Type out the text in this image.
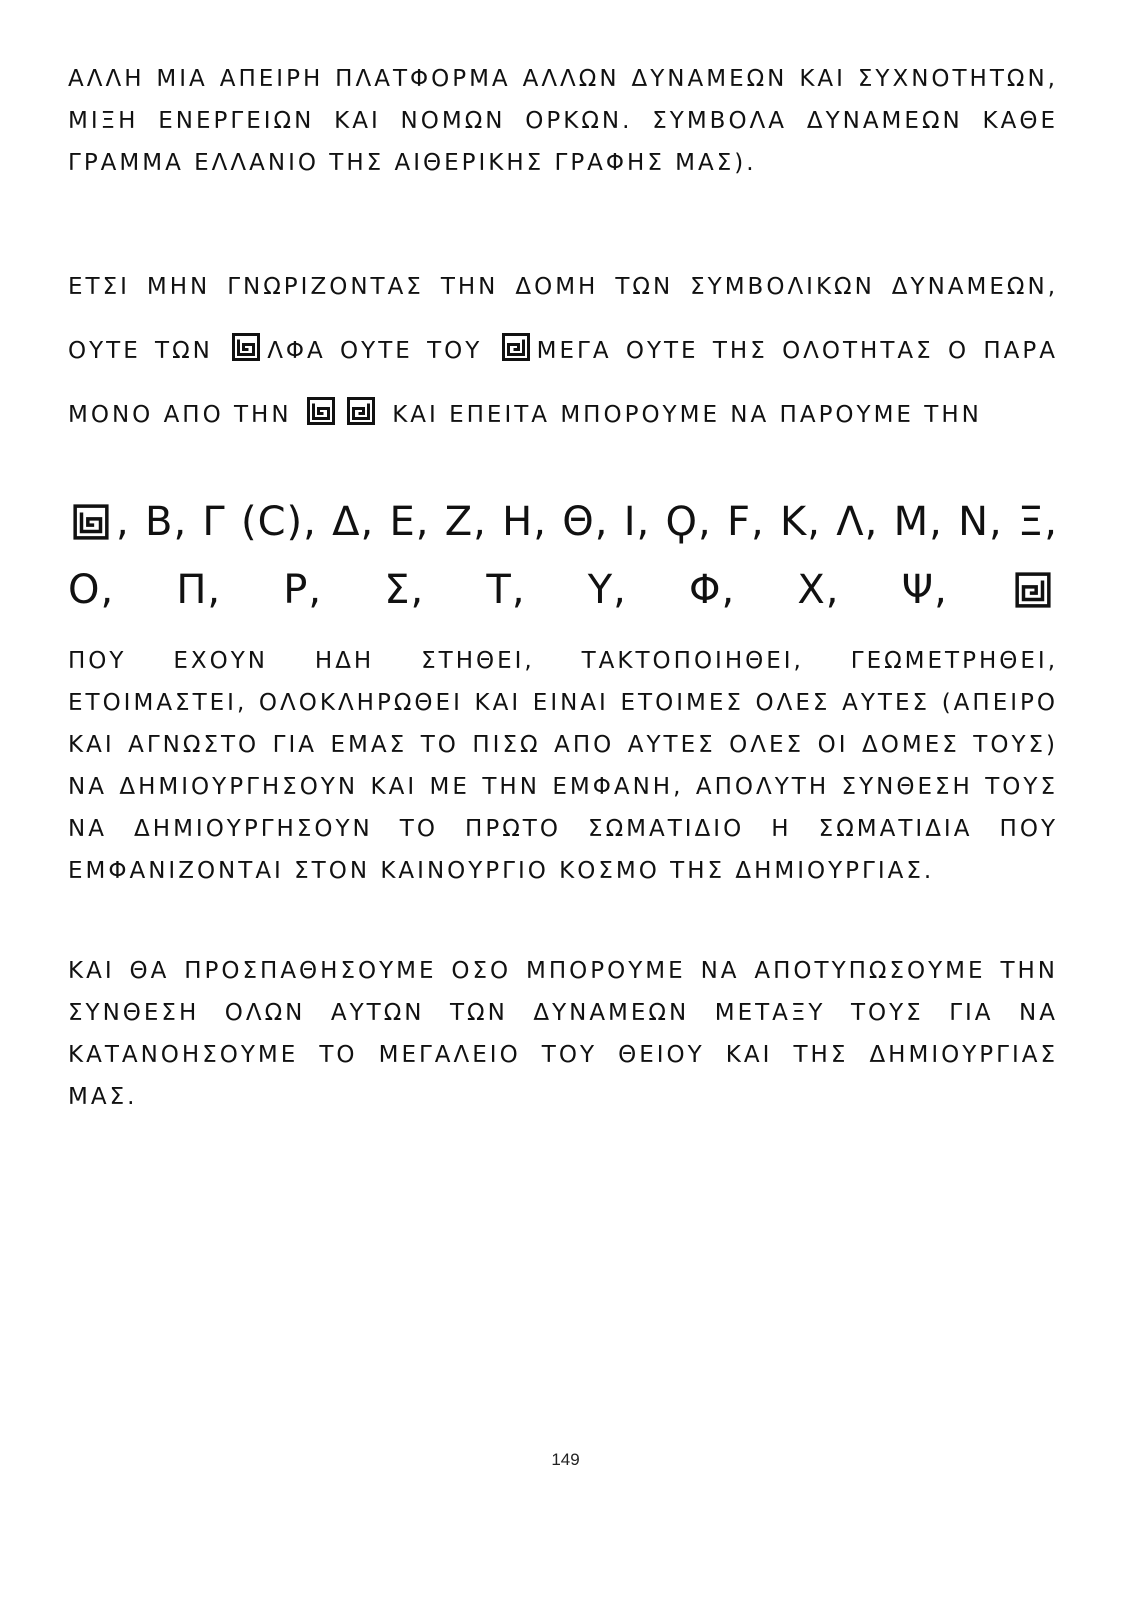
ΑΛΛΗ ΜΙΑ ΑΠΕΙΡΗ ΠΛΑΤΦΟΡΜΑ ΑΛΛΩΝ ΔΥΝΑΜΕΩΝ ΚΑΙ ΣΥΧΝΟΤΗΤΩΝ, ΜΙΞΗ ΕΝΕΡΓΕΙΩΝ ΚΑΙ ΝΟΜΩΝ ΟΡΚΩΝ. ΣΥΜΒΟΛΑ ΔΥΝΑΜΕΩΝ ΚΑΘΕ ΓΡΑΜΜΑ ΕΛΛΑΝΙΟ ΤΗΣ ΑΙΘΕΡΙΚΗΣ ΓΡΑΦΗΣ ΜΑΣ).

ΕΤΣΙ ΜΗΝ ΓΝΩΡΙΖΟΝΤΑΣ ΤΗΝ ΔΟΜΗ ΤΩΝ ΣΥΜΒΟΛΙΚΩΝ ΔΥΝΑΜΕΩΝ, ΟΥΤΕ ΤΩΝ ΛΦΑ ΟΥΤΕ ΤΟΥ ΜΕΓΑ ΟΥΤΕ ΤΗΣ ΟΛΟΤΗΤΑΣ Ο ΠΑΡΑ ΜΟΝΟ ΑΠΟ ΤΗΝ	ΚΑΙ ΕΠΕΙΤΑ ΜΠΟΡΟΥΜΕ ΝΑ ΠΑΡΟΥΜΕ ΤΗΝ

, Β, Γ (Ϲ), Δ, Ε, Ζ, Η, Θ, Ι, Ϙ, Ϝ, Κ, Λ, Μ, Ν, Ξ, Ο, Π, Ρ, Σ, Τ, Υ, Φ, Χ, Ψ,

ΠΟΥ ΕΧΟΥΝ ΗΔΗ ΣΤΗΘΕΙ, ΤΑΚΤΟΠΟΙΗΘΕΙ, ΓΕΩΜΕΤΡΗΘΕΙ, ΕΤΟΙΜΑΣΤΕΙ, ΟΛΟΚΛΗΡΩΘΕΙ ΚΑΙ ΕΙΝΑΙ ΕΤΟΙΜΕΣ ΟΛΕΣ ΑΥΤΕΣ (ΑΠΕΙΡΟ ΚΑΙ ΑΓΝΩΣΤΟ ΓΙΑ ΕΜΑΣ ΤΟ ΠΙΣΩ ΑΠΟ ΑΥΤΕΣ ΟΛΕΣ ΟΙ ΔΟΜΕΣ ΤΟΥΣ) ΝΑ ΔΗΜΙΟΥΡΓΗΣΟΥΝ ΚΑΙ ΜΕ ΤΗΝ ΕΜΦΑΝΗ, ΑΠΟΛΥΤΗ ΣΥΝΘΕΣΗ ΤΟΥΣ ΝΑ ΔΗΜΙΟΥΡΓΗΣΟΥΝ ΤΟ ΠΡΩΤΟ ΣΩΜΑΤΙΔΙΟ Η ΣΩΜΑΤΙΔΙΑ ΠΟΥ ΕΜΦΑΝΙΖΟΝΤΑΙ ΣΤΟΝ ΚΑΙΝΟΥΡΓΙΟ ΚΟΣΜΟ ΤΗΣ ΔΗΜΙΟΥΡΓΙΑΣ.

ΚΑΙ ΘΑ ΠΡΟΣΠΑΘΗΣΟΥΜΕ ΟΣΟ ΜΠΟΡΟΥΜΕ ΝΑ ΑΠΟΤΥΠΩΣΟΥΜΕ ΤΗΝ ΣΥΝΘΕΣΗ ΟΛΩΝ ΑΥΤΩΝ ΤΩΝ ΔΥΝΑΜΕΩΝ ΜΕΤΑΞΥ ΤΟΥΣ ΓΙΑ ΝΑ ΚΑΤΑΝΟΗΣΟΥΜΕ ΤΟ ΜΕΓΑΛΕΙΟ ΤΟΥ ΘΕΙΟΥ ΚΑΙ ΤΗΣ ΔΗΜΙΟΥΡΓΙΑΣ ΜΑΣ.

149
